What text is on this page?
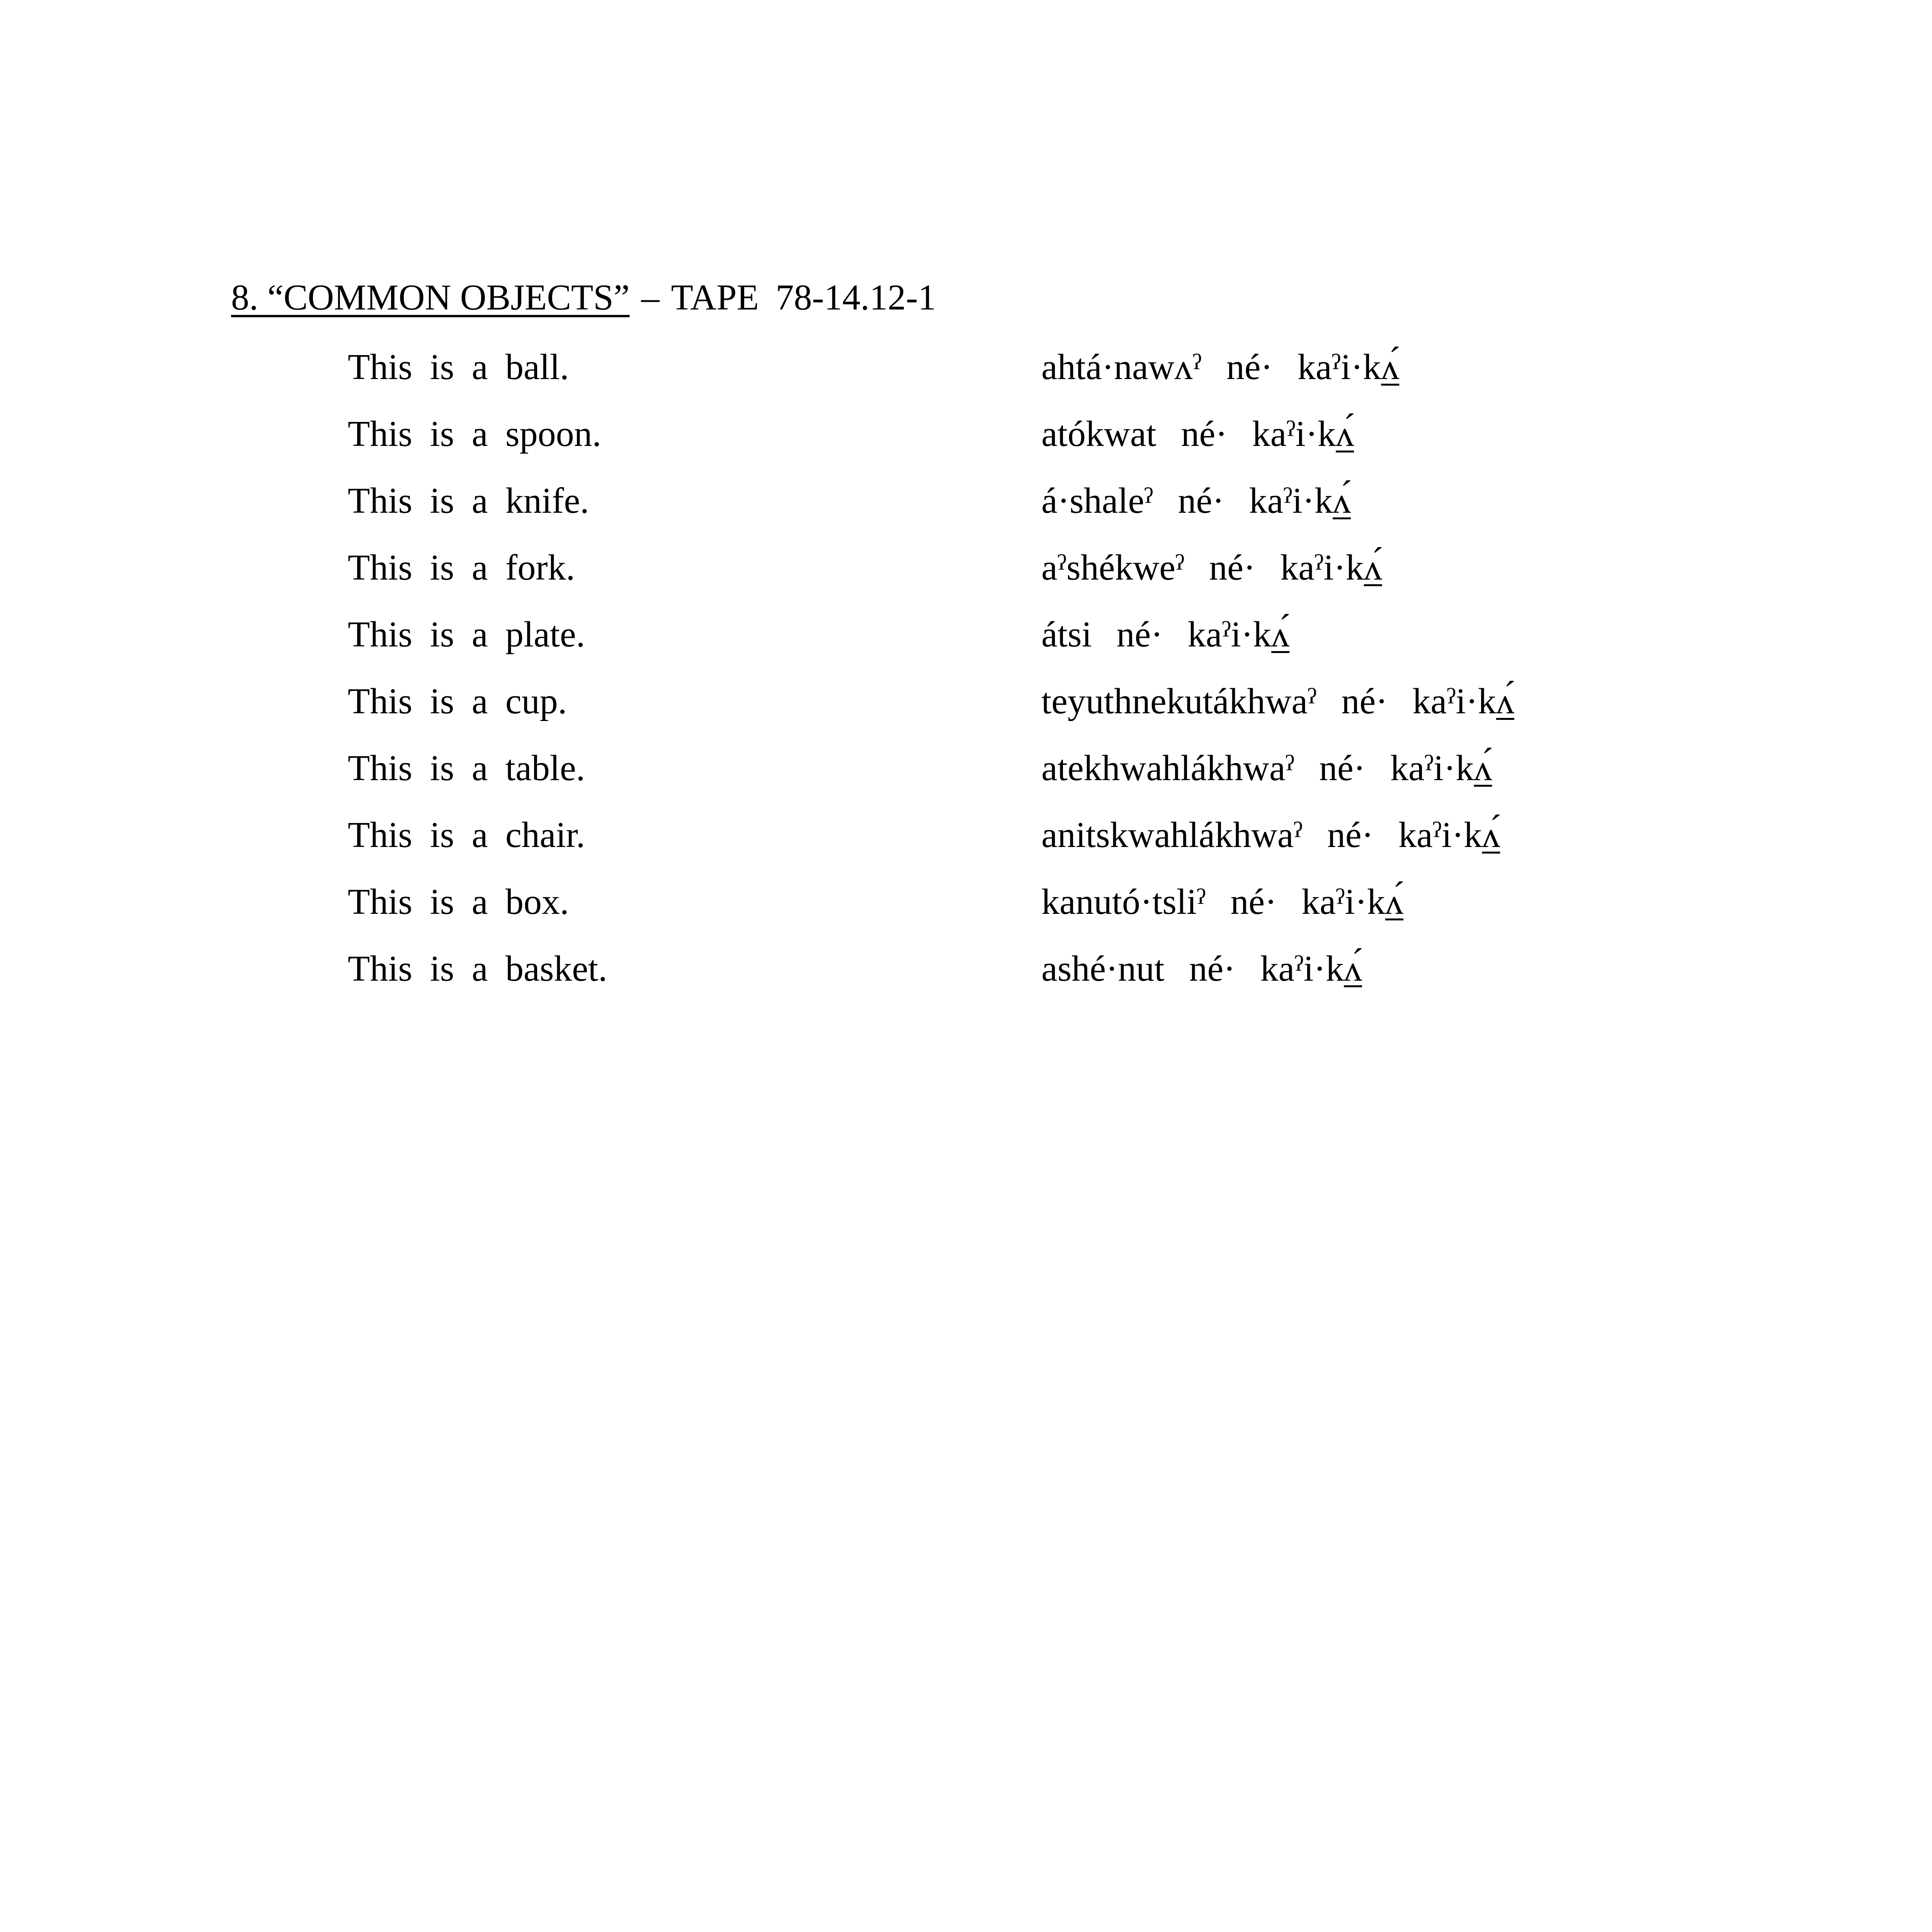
8. “COMMON OBJECTS” – TAPE 78-14.12-1
This is a ball.	ahtá·nawʌˀ né· kaˀi·kʌ́
This is a spoon.	atókwat né· kaˀi·kʌ́
This is a knife.	á·shaleˀ né· kaˀi·kʌ́
This is a fork.	aˀshékweˀ né· kaˀi·kʌ́
This is a plate.	átsi né· kaˀi·kʌ́
This is a cup.	teyuthnekutákhwaˀ né· kaˀi·kʌ́
This is a table.	atekhwahlákhwaˀ né· kaˀi·kʌ́
This is a chair.	anitskwahlákhwaˀ né· kaˀi·kʌ́
This is a box.	kanutó·tsliˀ né· kaˀi·kʌ́
This is a basket.	ashé·nut né· kaˀi·kʌ́
